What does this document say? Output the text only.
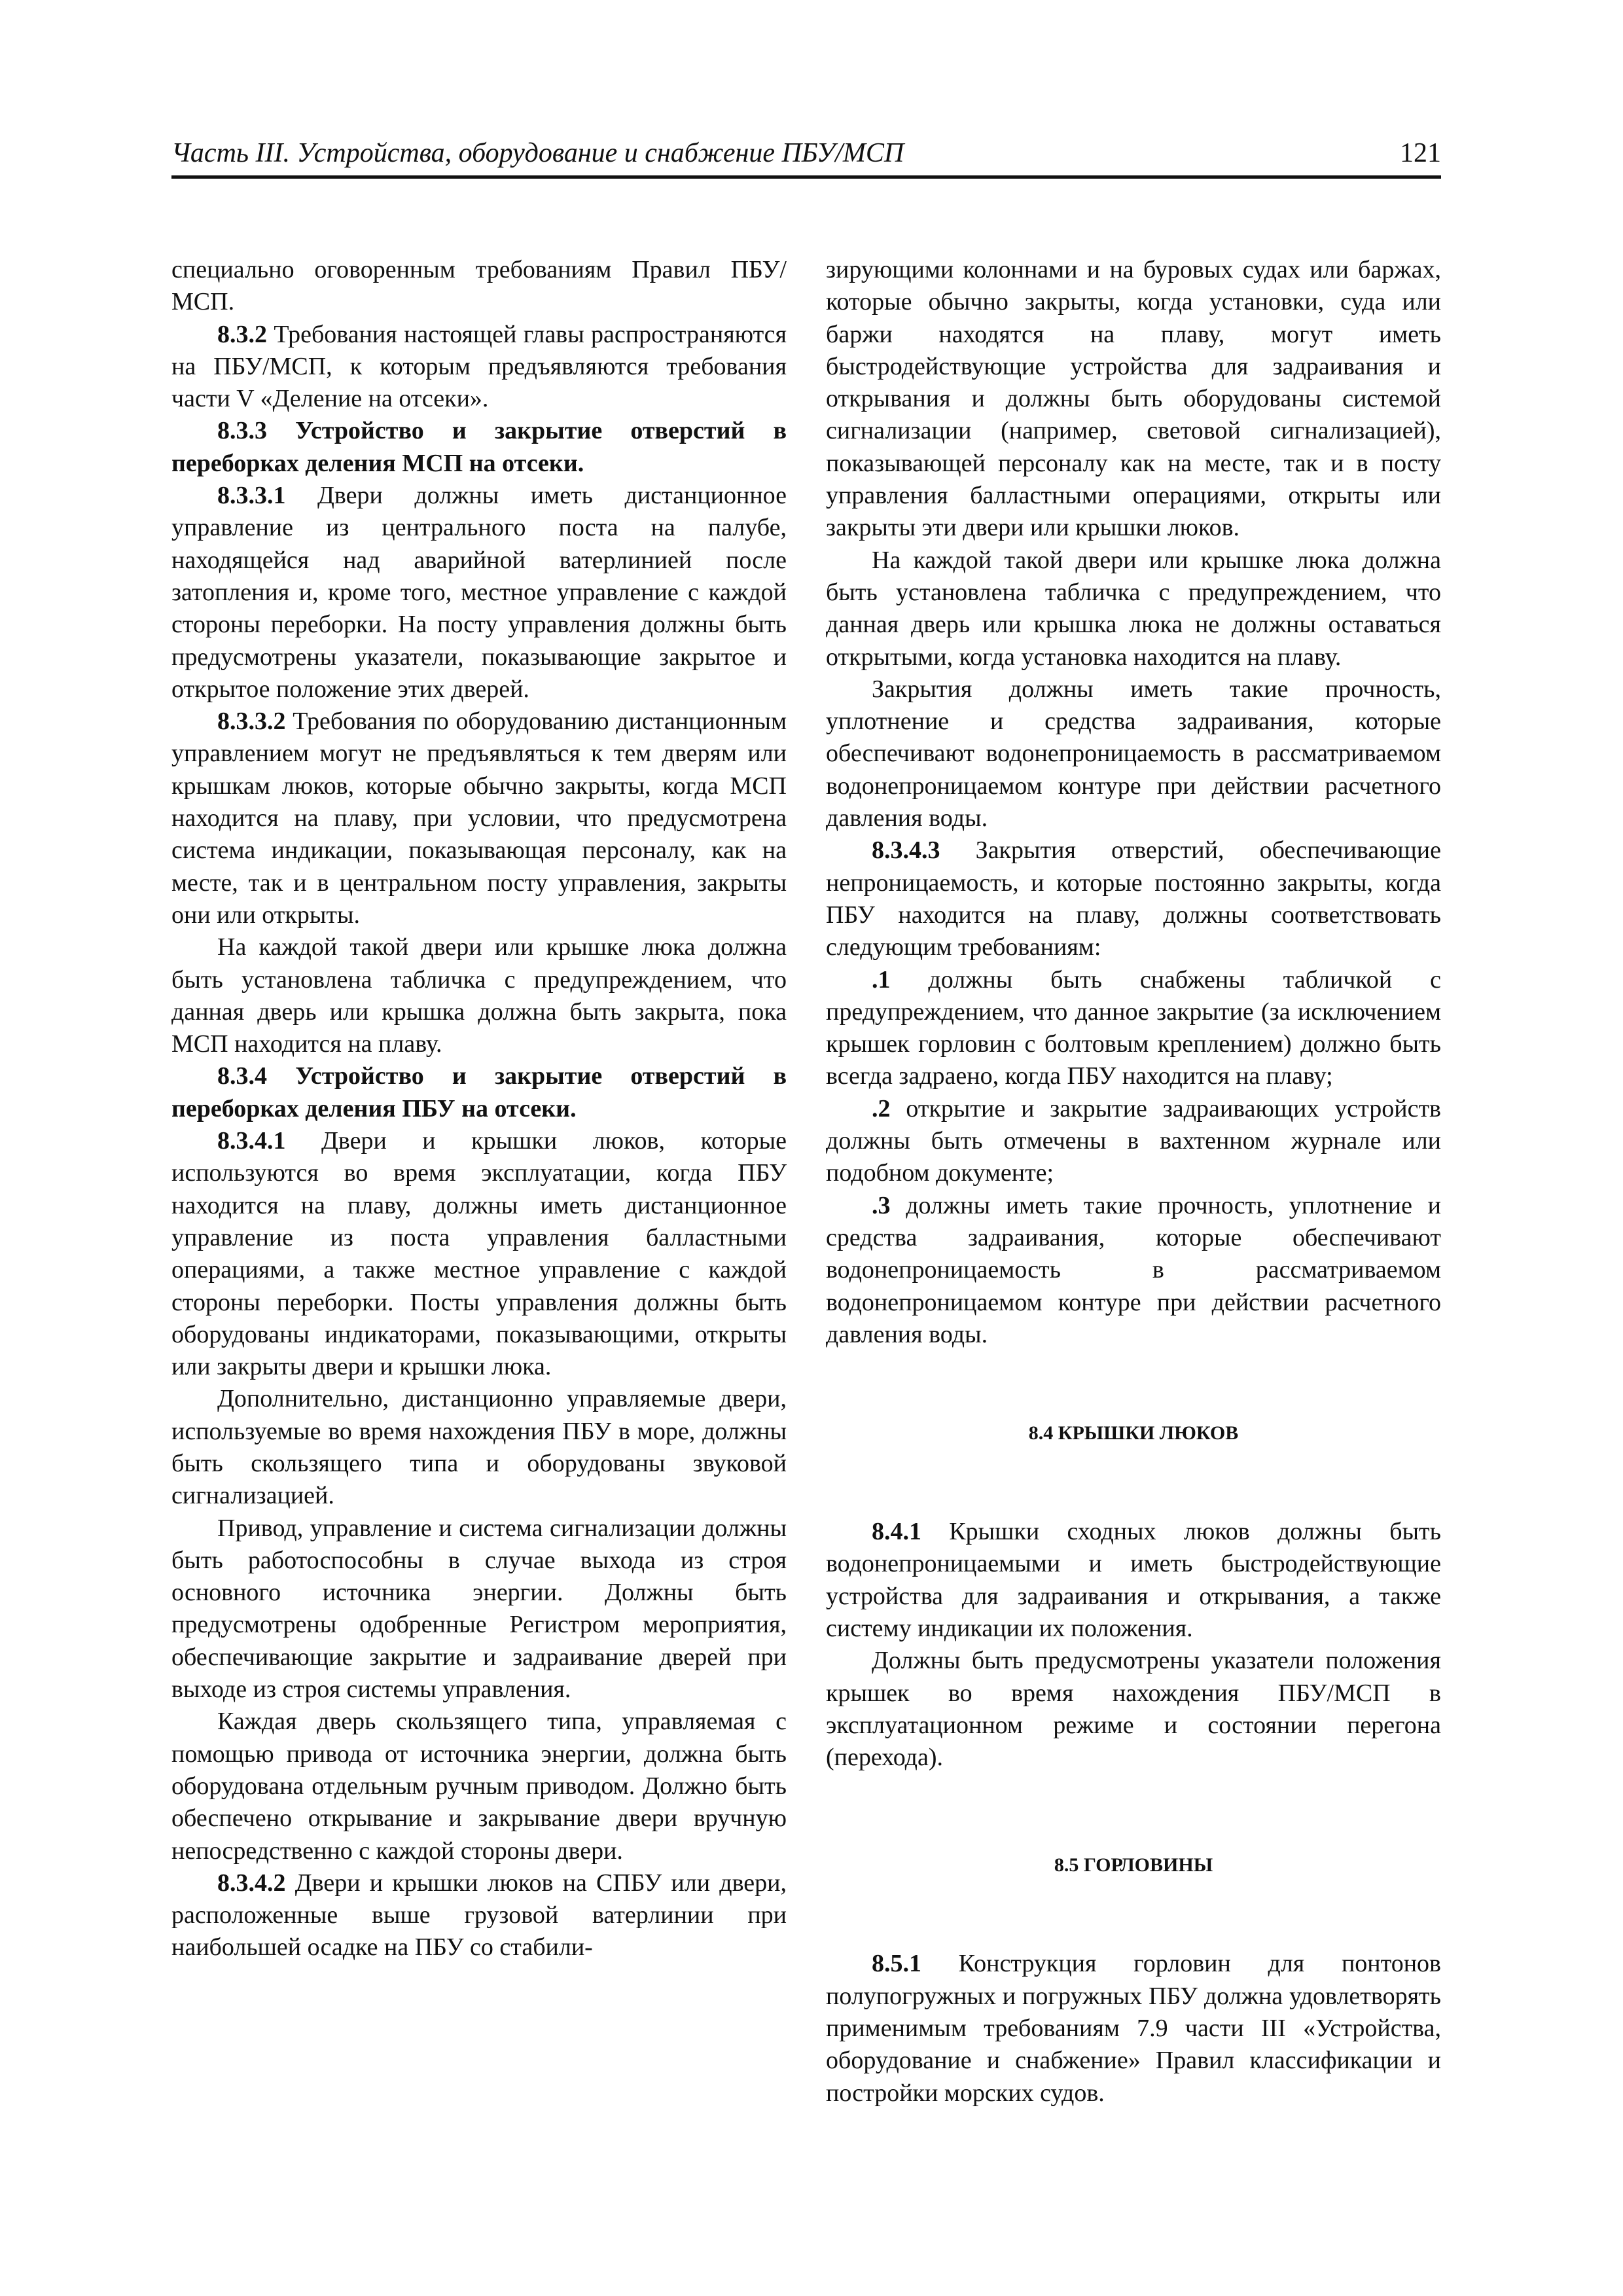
Часть III. Устройства, оборудование и снабжение ПБУ/МСП	121

специально оговоренным требованиям Правил ПБУ/МСП.

8.3.2 Требования настоящей главы распространяются на ПБУ/МСП, к которым предъявляются требования части V «Деление на отсеки».

8.3.3 Устройство и закрытие отверстий в переборках деления МСП на отсеки.

8.3.3.1 Двери должны иметь дистанционное управление из центрального поста на палубе, находящейся над аварийной ватерлинией после затопления и, кроме того, местное управление с каждой стороны переборки. На посту управления должны быть предусмотрены указатели, показывающие закрытое и открытое положение этих дверей.

8.3.3.2 Требования по оборудованию дистанционным управлением могут не предъявляться к тем дверям или крышкам люков, которые обычно закрыты, когда МСП находится на плаву, при условии, что предусмотрена система индикации, показывающая персоналу, как на месте, так и в центральном посту управления, закрыты они или открыты.

На каждой такой двери или крышке люка должна быть установлена табличка с предупреждением, что данная дверь или крышка должна быть закрыта, пока МСП находится на плаву.

8.3.4 Устройство и закрытие отверстий в переборках деления ПБУ на отсеки.

8.3.4.1 Двери и крышки люков, которые используются во время эксплуатации, когда ПБУ находится на плаву, должны иметь дистанционное управление из поста управления балластными операциями, а также местное управление с каждой стороны переборки. Посты управления должны быть оборудованы индикаторами, показывающими, открыты или закрыты двери и крышки люка.

Дополнительно, дистанционно управляемые двери, используемые во время нахождения ПБУ в море, должны быть скользящего типа и оборудованы звуковой сигнализацией.

Привод, управление и система сигнализации должны быть работоспособны в случае выхода из строя основного источника энергии. Должны быть предусмотрены одобренные Регистром мероприятия, обеспечивающие закрытие и задраивание дверей при выходе из строя системы управления.

Каждая дверь скользящего типа, управляемая с помощью привода от источника энергии, должна быть оборудована отдельным ручным приводом. Должно быть обеспечено открывание и закрывание двери вручную непосредственно с каждой стороны двери.

8.3.4.2 Двери и крышки люков на СПБУ или двери, расположенные выше грузовой ватерлинии при наибольшей осадке на ПБУ со стабили-

зирующими колоннами и на буровых судах или баржах, которые обычно закрыты, когда установки, суда или баржи находятся на плаву, могут иметь быстродействующие устройства для задраивания и открывания и должны быть оборудованы системой сигнализации (например, световой сигнализацией), показывающей персоналу как на месте, так и в посту управления балластными операциями, открыты или закрыты эти двери или крышки люков.

На каждой такой двери или крышке люка должна быть установлена табличка с предупреждением, что данная дверь или крышка люка не должны оставаться открытыми, когда установка находится на плаву.

Закрытия должны иметь такие прочность, уплотнение и средства задраивания, которые обеспечивают водонепроницаемость в рассматриваемом водонепроницаемом контуре при действии расчетного давления воды.

8.3.4.3 Закрытия отверстий, обеспечивающие непроницаемость, и которые постоянно закрыты, когда ПБУ находится на плаву, должны соответствовать следующим требованиям:

.1 должны быть снабжены табличкой с предупреждением, что данное закрытие (за исключением крышек горловин с болтовым креплением) должно быть всегда задраено, когда ПБУ находится на плаву;

.2 открытие и закрытие задраивающих устройств должны быть отмечены в вахтенном журнале или подобном документе;

.3 должны иметь такие прочность, уплотнение и средства задраивания, которые обеспечивают водонепроницаемость в рассматриваемом водонепроницаемом контуре при действии расчетного давления воды.

8.4 КРЫШКИ ЛЮКОВ

8.4.1 Крышки сходных люков должны быть водонепроницаемыми и иметь быстродействующие устройства для задраивания и открывания, а также систему индикации их положения.

Должны быть предусмотрены указатели положения крышек во время нахождения ПБУ/МСП в эксплуатационном режиме и состоянии перегона (перехода).

8.5 ГОРЛОВИНЫ

8.5.1 Конструкция горловин для понтонов полупогружных и погружных ПБУ должна удовлетворять применимым требованиям 7.9 части III «Устройства, оборудование и снабжение» Правил классификации и постройки морских судов.
